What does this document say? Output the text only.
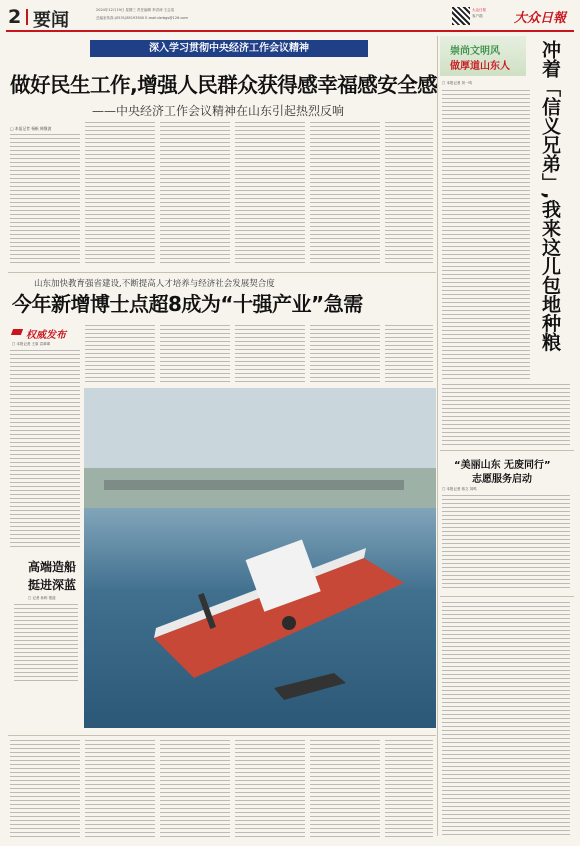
2 要闻	2024年12月19日 星期三 责任编辑 李洪涛 王志浩
总编室传真:(0531)85193500 E-mail:dzrbgs@126.com
大众日报
客户端 大众日報
深入学习贯彻中央经济工作会议精神	崇尚文明风
做厚道山东人
做好民生工作,增强人民群众获得感幸福感安全感
——中央经济工作会议精神在山东引起热烈反响
□ 本报记者 杨帆 韩继波	冲着「信义兄弟」,我来这儿包地种粮
□ 本报记者 刘一鸣
“美丽山东 无废同行”
志愿服务启动
□ 本报记者 蒋文 刘鸣
山东加快教育强省建设,不断提高人才培养与经济社会发展契合度
今年新增博士点超8成为“十强产业”急需
权威发布
□ 本报记者 王原 袁翠翠
高端造船
挺进深蓝
□ 记者 孙栋 报道
